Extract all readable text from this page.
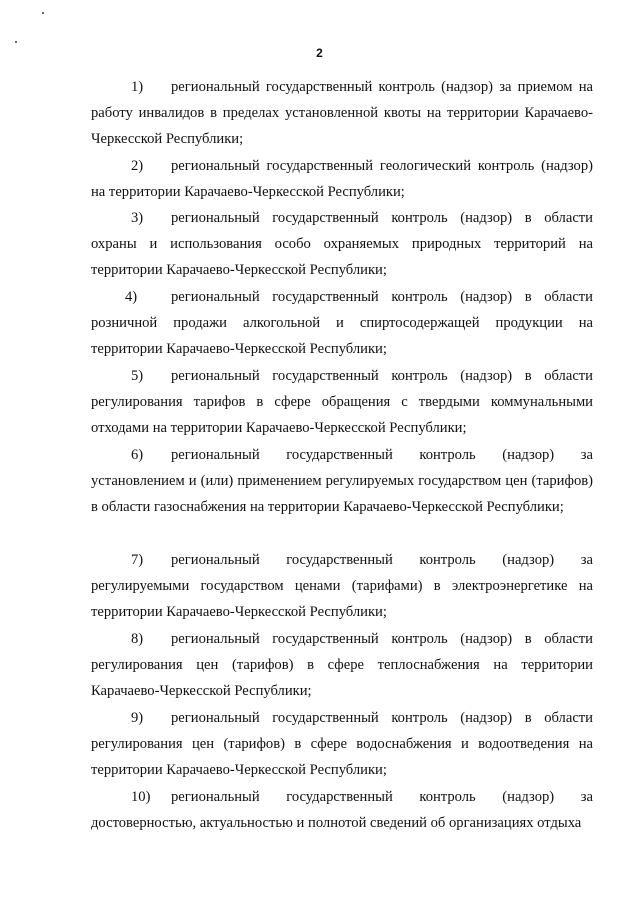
2

1) региональный государственный контроль (надзор) за приемом на работу инвалидов в пределах установленной квоты на территории Карачаево-Черкесской Республики;

2) региональный государственный геологический контроль (надзор) на территории Карачаево-Черкесской Республики;

3) региональный государственный контроль (надзор) в области охраны и использования особо охраняемых природных территорий на территории Карачаево-Черкесской Республики;

4) региональный государственный контроль (надзор) в области розничной продажи алкогольной и спиртосодержащей продукции на территории Карачаево-Черкесской Республики;

5) региональный государственный контроль (надзор) в области регулирования тарифов в сфере обращения с твердыми коммунальными отходами на территории Карачаево-Черкесской Республики;

6) региональный государственный контроль (надзор) за установлением и (или) применением регулируемых государством цен (тарифов) в области газоснабжения на территории Карачаево-Черкесской Республики;

7) региональный государственный контроль (надзор) за регулируемыми государством ценами (тарифами) в электроэнергетике на территории Карачаево-Черкесской Республики;

8) региональный государственный контроль (надзор) в области регулирования цен (тарифов) в сфере теплоснабжения на территории Карачаево-Черкесской Республики;

9) региональный государственный контроль (надзор) в области регулирования цен (тарифов) в сфере водоснабжения и водоотведения на территории Карачаево-Черкесской Республики;

10) региональный государственный контроль (надзор) за достоверностью, актуальностью и полнотой сведений об организациях отдыха
